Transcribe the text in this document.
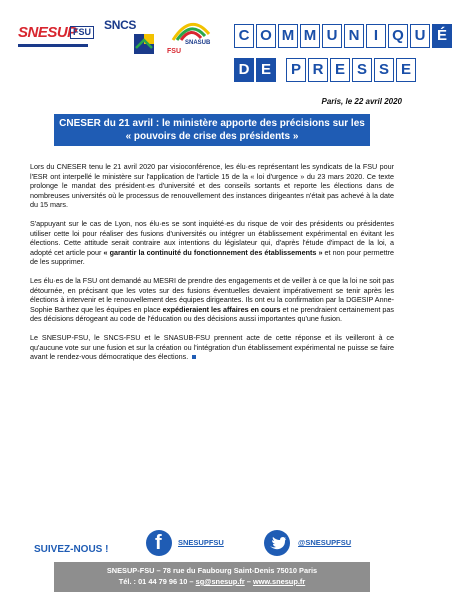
SNESUP
FSU SNCS
SNASUB
FSU
C O M M U N I Q U É
D E	P R E S S E
Paris, le 22 avril 2020
CNESER du 21 avril : le ministère apporte des précisions sur les
« pouvoirs de crise des présidents »

Lors du CNESER tenu le 21 avril 2020 par visioconférence, les élu·es représentant les syndicats de la FSU pour l'ESR ont interpellé le ministère sur l'application de l'article 15 de la « loi d'urgence » du 23 mars 2020. Ce texte prolonge le mandat des président·es d'université et des conseils sortants et reporte les élections dans de nombreuses universités où le processus de renouvellement des instances dirigeantes n'était pas achevé à la date du 15 mars.

S'appuyant sur le cas de Lyon, nos élu·es se sont inquiété·es du risque de voir des présidents ou présidentes utiliser cette loi pour réaliser des fusions d'universités ou intégrer un établissement expérimental en évitant les élections. Cette attitude serait contraire aux intentions du législateur qui, d'après l'étude d'impact de la loi, a adopté cet article pour « garantir la continuité du fonctionnement des établissements » et non pour permettre de les supprimer.

Les élu·es de la FSU ont demandé au MESRI de prendre des engagements et de veiller à ce que la loi ne soit pas détournée, en précisant que les votes sur des fusions éventuelles devaient impérativement se tenir après les élections à intervenir et le renouvellement des équipes dirigeantes. Ils ont eu la confirmation par la DGESIP Anne-Sophie Barthez que les équipes en place expédieraient les affaires en cours et ne prendraient certainement pas des décisions dérogeant au code de l'éducation ou des décisions aussi importantes qu'une fusion.

Le SNESUP-FSU, le SNCS-FSU et le SNASUB-FSU prennent acte de cette réponse et ils veilleront à ce qu'aucune vote sur une fusion et sur la création ou l'intégration d'un établissement expérimental ne puisse se faire avant le rendez-vous démocratique des élections.

SUIVEZ-NOUS ! f SNESUPFSU	@SNESUPFSU
SNESUP-FSU – 78 rue du Faubourg Saint-Denis 75010 Paris
Tél. : 01 44 79 96 10 – sg@snesup.fr – www.snesup.fr
